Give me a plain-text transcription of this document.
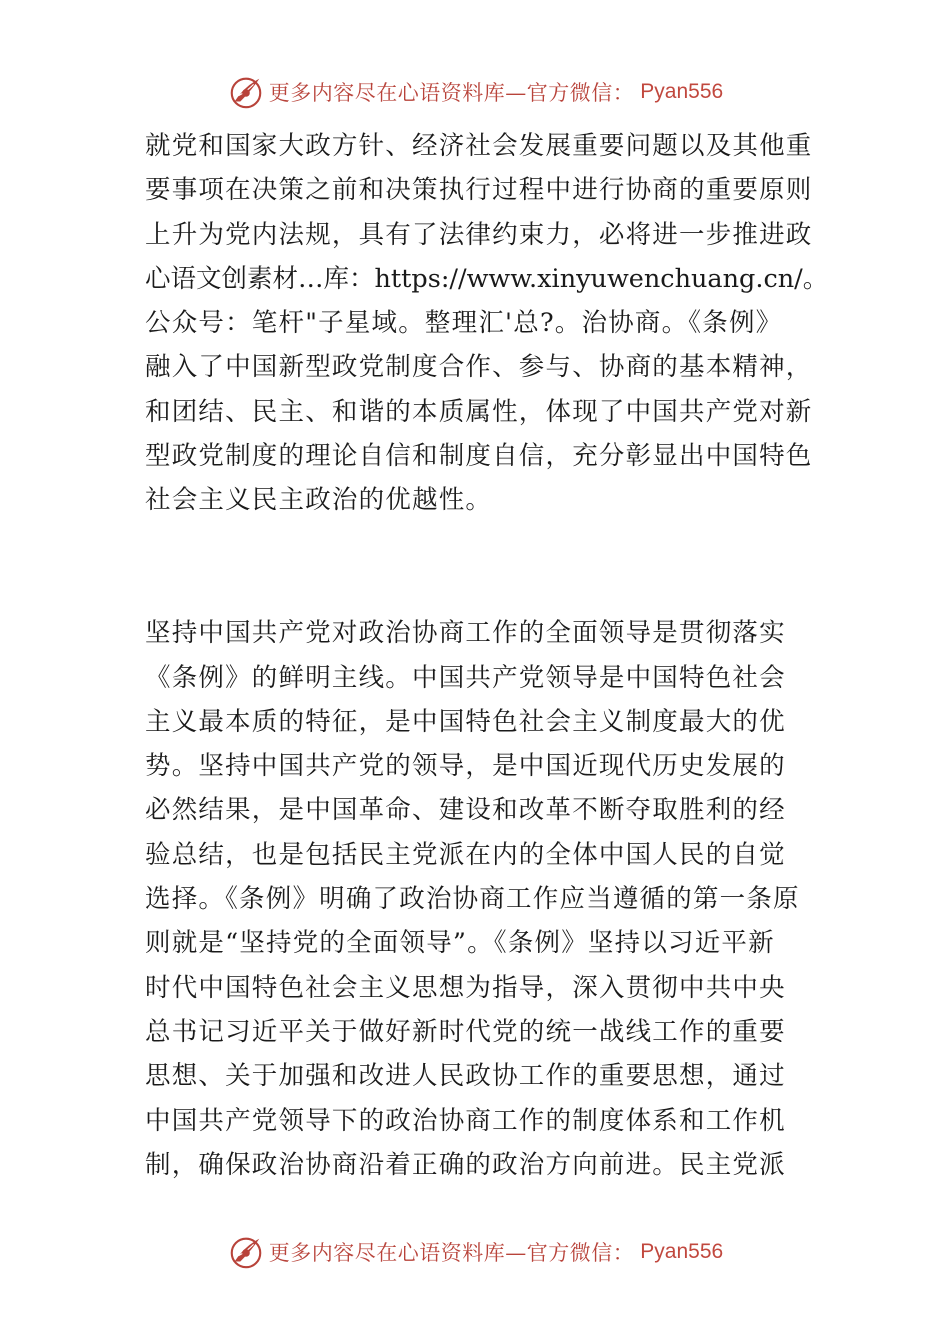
更多内容尽在心语资料库—官方微信： Pyan556
就党和国家大政方针、经济社会发展重要问题以及其他重
要事项在决策之前和决策执行过程中进行协商的重要原则
上升为党内法规，具有了法律约束力，必将进一步推进政
心语文创素材…库：https://www.xinyuwenchuang.cn/。
公众号：笔杆"子星域。整理汇'总?。治协商。《条例》
融入了中国新型政党制度合作、参与、协商的基本精神，
和团结、民主、和谐的本质属性，体现了中国共产党对新
型政党制度的理论自信和制度自信，充分彰显出中国特色
社会主义民主政治的优越性。
坚持中国共产党对政治协商工作的全面领导是贯彻落实
《条例》的鲜明主线。中国共产党领导是中国特色社会
主义最本质的特征，是中国特色社会主义制度最大的优
势。坚持中国共产党的领导，是中国近现代历史发展的
必然结果，是中国革命、建设和改革不断夺取胜利的经
验总结，也是包括民主党派在内的全体中国人民的自觉
选择。《条例》明确了政治协商工作应当遵循的第一条原
则就是“坚持党的全面领导”。《条例》坚持以习近平新
时代中国特色社会主义思想为指导，深入贯彻中共中央
总书记习近平关于做好新时代党的统一战线工作的重要
思想、关于加强和改进人民政协工作的重要思想，通过
中国共产党领导下的政治协商工作的制度体系和工作机
制，确保政治协商沿着正确的政治方向前进。民主党派
更多内容尽在心语资料库—官方微信： Pyan556
